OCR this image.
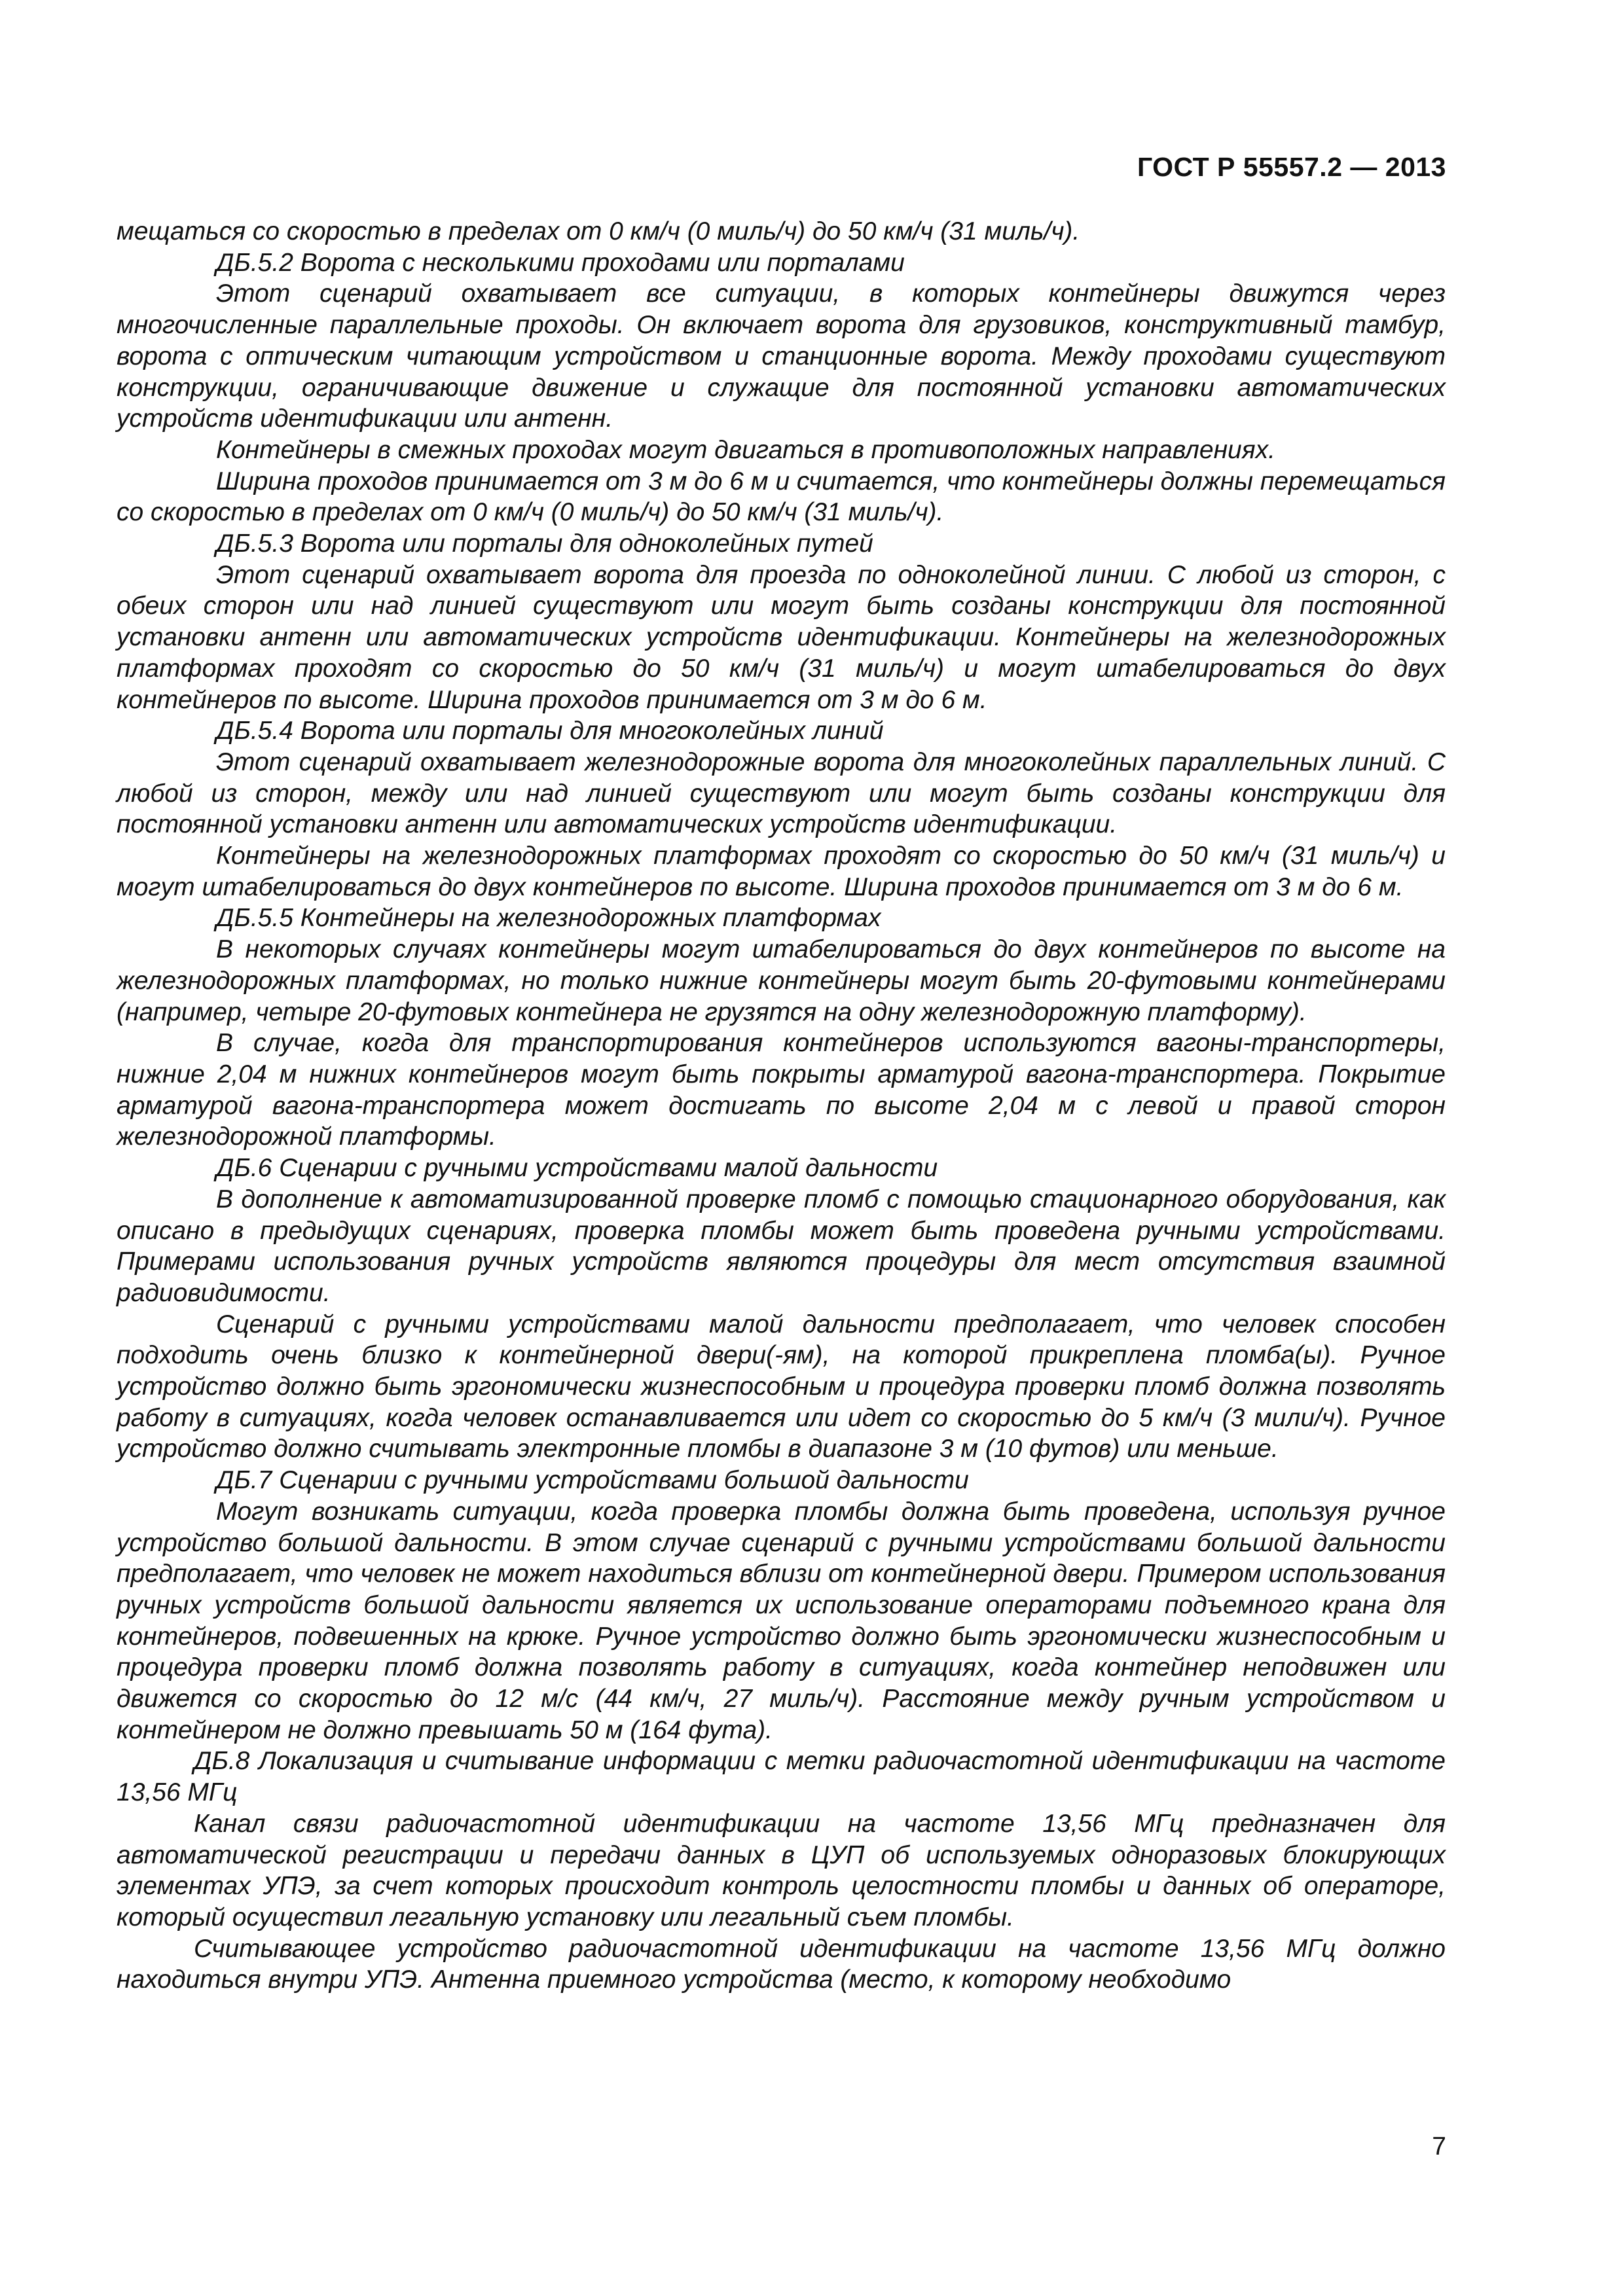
ГОСТ Р 55557.2 — 2013

мещаться со скоростью в пределах от 0 км/ч (0 миль/ч) до 50 км/ч (31 миль/ч).

ДБ.5.2 Ворота с несколькими проходами или порталами

Этот сценарий охватывает все ситуации, в которых контейнеры движутся через многочисленные параллельные проходы. Он включает ворота для грузовиков, конструктивный тамбур, ворота с оптическим читающим устройством и станционные ворота. Между проходами существуют конструкции, ограничивающие движение и служащие для постоянной установки автоматических устройств идентификации или антенн.

Контейнеры в смежных проходах могут двигаться в противоположных направлениях.

Ширина проходов принимается от 3 м до 6 м и считается, что контейнеры должны перемещаться со скоростью в пределах от 0 км/ч (0 миль/ч) до 50 км/ч (31 миль/ч).

ДБ.5.3 Ворота или порталы для одноколейных путей

Этот сценарий охватывает ворота для проезда по одноколейной линии. С любой из сторон, с обеих сторон или над линией существуют или могут быть созданы конструкции для постоянной установки антенн или автоматических устройств идентификации. Контейнеры на железнодорожных платформах проходят со скоростью до 50 км/ч (31 миль/ч) и могут штабелироваться до двух контейнеров по высоте. Ширина проходов принимается от 3 м до 6 м.

ДБ.5.4 Ворота или порталы для многоколейных линий

Этот сценарий охватывает железнодорожные ворота для многоколейных параллельных линий. С любой из сторон, между или над линией существуют или могут быть созданы конструкции для постоянной установки антенн или автоматических устройств идентификации.

Контейнеры на железнодорожных платформах проходят со скоростью до 50 км/ч (31 миль/ч) и могут штабелироваться до двух контейнеров по высоте. Ширина проходов принимается от 3 м до 6 м.

ДБ.5.5 Контейнеры на железнодорожных платформах

В некоторых случаях контейнеры могут штабелироваться до двух контейнеров по высоте на железнодорожных платформах, но только нижние контейнеры могут быть 20-футовыми контейнерами (например, четыре 20-футовых контейнера не грузятся на одну железнодорожную платформу).

В случае, когда для транспортирования контейнеров используются вагоны-транспортеры, нижние 2,04 м нижних контейнеров могут быть покрыты арматурой вагона-транспортера. Покрытие арматурой вагона-транспортера может достигать по высоте 2,04 м с левой и правой сторон железнодорожной платформы.

ДБ.6 Сценарии с ручными устройствами малой дальности

В дополнение к автоматизированной проверке пломб с помощью стационарного оборудования, как описано в предыдущих сценариях, проверка пломбы может быть проведена ручными устройствами. Примерами использования ручных устройств являются процедуры для мест отсутствия взаимной радиовидимости.

Сценарий с ручными устройствами малой дальности предполагает, что человек способен подходить очень близко к контейнерной двери(-ям), на которой прикреплена пломба(ы). Ручное устройство должно быть эргономически жизнеспособным и процедура проверки пломб должна позволять работу в ситуациях, когда человек останавливается или идет со скоростью до 5 км/ч (3 мили/ч). Ручное устройство должно считывать электронные пломбы в диапазоне 3 м (10 футов) или меньше.

ДБ.7 Сценарии с ручными устройствами большой дальности

Могут возникать ситуации, когда проверка пломбы должна быть проведена, используя ручное устройство большой дальности. В этом случае сценарий с ручными устройствами большой дальности предполагает, что человек не может находиться вблизи от контейнерной двери. Примером использования ручных устройств большой дальности является их использование операторами подъемного крана для контейнеров, подвешенных на крюке. Ручное устройство должно быть эргономически жизнеспособным и процедура проверки пломб должна позволять работу в ситуациях, когда контейнер неподвижен или движется со скоростью до 12 м/с (44 км/ч, 27 миль/ч). Расстояние между ручным устройством и контейнером не должно превышать 50 м (164 фута).

ДБ.8 Локализация и считывание информации с метки радиочастотной идентификации на частоте 13,56 МГц

Канал связи радиочастотной идентификации на частоте 13,56 МГц предназначен для автоматической регистрации и передачи данных в ЦУП об используемых одноразовых блокирующих элементах УПЭ, за счет которых происходит контроль целостности пломбы и данных об операторе, который осуществил легальную установку или легальный съем пломбы.

Считывающее устройство радиочастотной идентификации на частоте 13,56 МГц должно находиться внутри УПЭ. Антенна приемного устройства (место, к которому необходимо

7
